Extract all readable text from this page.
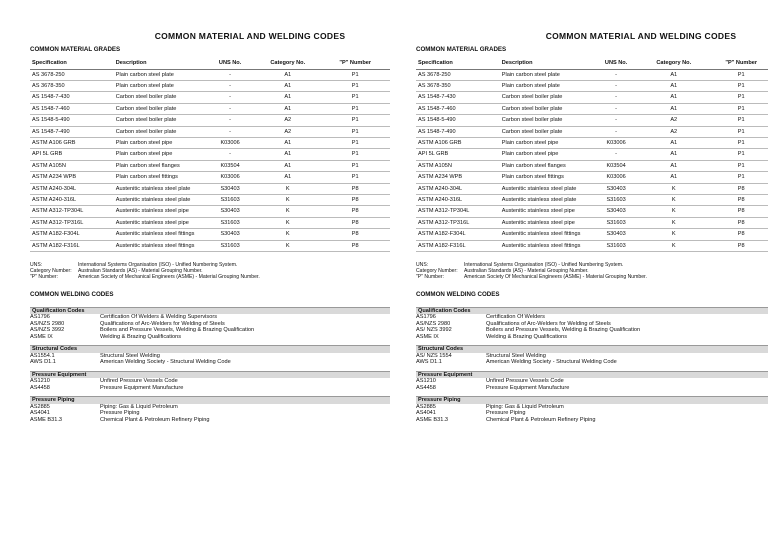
COMMON MATERIAL AND WELDING CODES
COMMON MATERIAL GRADES
Specification	Description	UNS No.	Category No.	"P" Number
AS 3678-250	Plain carbon steel plate	-	A1	P1
AS 3678-350	Plain carbon steel plate	-	A1	P1
AS 1548-7-430	Carbon steel boiler plate	-	A1	P1
AS 1548-7-460	Carbon steel boiler plate	-	A1	P1
AS 1548-5-490	Carbon steel boiler plate	-	A2	P1
AS 1548-7-490	Carbon steel boiler plate	-	A2	P1
ASTM A106 GRB	Plain carbon steel pipe	K03006	A1	P1
API 5L GRB	Plain carbon steel pipe	-	A1	P1
ASTM A105N	Plain carbon steel flanges	K03504	A1	P1
ASTM A234 WPB	Plain carbon steel fittings	K03006	A1	P1
ASTM A240-304L	Austenitic stainless steel plate	S30403	K	P8
ASTM A240-316L	Austenitic stainless steel plate	S31603	K	P8
ASTM A312-TP304L	Austenitic stainless steel pipe	S30403	K	P8
ASTM A312-TP316L	Austenitic stainless steel pipe	S31603	K	P8
ASTM A182-F304L	Austenitic stainless steel fittings	S30403	K	P8
ASTM A182-F316L	Austenitic stainless steel fittings	S31603	K	P8
UNS:	International Systems Organisation (ISO) - Unified Numbering System.
Category Number:	Australian Standards (AS) - Material Grouping Number.
"P" Number:	American Society of Mechanical Engineers (ASME) - Material Grouping Number.
COMMON WELDING CODES
Qualification Codes
AS1796	Certification Of Welders & Welding Supervisors
AS/NZS 2980	Qualifications of Arc-Welders for Welding of Steels
AS/NZS 3992	Boilers and Pressure Vessels, Welding & Brazing Qualification
ASME IX	Welding & Brazing Qualifications
Structural Codes
AS1554.1	Structural Steel Welding
AWS D1.1	American Welding Society - Structural Welding Code
Pressure Equipment
AS1210	Unfired Pressure Vessels Code
AS4458	Pressure Equipment Manufacture
Pressure Piping
AS2885	Piping: Gas & Liquid Petroleum
AS4041	Pressure Piping
ASME B31.3	Chemical Plant & Petroleum Refinery Piping
COMMON MATERIAL AND WELDING CODES
COMMON MATERIAL GRADES
Specification	Description	UNS No.	Category No.	"P" Number
AS 3678-250	Plain carbon steel plate	-	A1	P1
AS 3678-350	Plain carbon steel plate	-	A1	P1
AS 1548-7-430	Carbon steel boiler plate	-	A1	P1
AS 1548-7-460	Carbon steel boiler plate	-	A1	P1
AS 1548-5-490	Carbon steel boiler plate	-	A2	P1
AS 1548-7-490	Carbon steel boiler plate	-	A2	P1
ASTM A106 GRB	Plain carbon steel pipe	K03006	A1	P1
API 5L GRB	Plain carbon steel pipe	-	A1	P1
ASTM A105N	Plain carbon steel flanges	K03504	A1	P1
ASTM A234 WPB	Plain carbon steel fittings	K03006	A1	P1
ASTM A240-304L	Austenitic stainless steel plate	S30403	K	P8
ASTM A240-316L	Austenitic stainless steel plate	S31603	K	P8
ASTM A312-TP304L	Austenitic stainless steel pipe	S30403	K	P8
ASTM A312-TP316L	Austenitic stainless steel pipe	S31603	K	P8
ASTM A182-F304L	Austenitic stainless steel fittings	S30403	K	P8
ASTM A182-F316L	Austenitic stainless steel fittings	S31603	K	P8
UNS:	International Systems Organisation (ISO) - Unified Numbering System.
Category Number:	Australian Standards (AS) - Material Grouping Number.
"P" Number:	American Society Of Mechanical Engineers (ASME) - Material Grouping Number.
COMMON WELDING CODES
Qualification Codes
AS1796	Certification Of Welders
AS/NZS 2980	Qualifications of Arc-Welders for Welding of Steels
AS/ NZS 3992	Boilers and Pressure Vessels, Welding & Brazing Qualification
ASME IX	Welding & Brazing Qualifications
Structural Codes
AS/ NZS 1554	Structural Steel Welding
AWS D1.1	American Welding Society - Structural Welding Code
Pressure Equipment
AS1210	Unfired Pressure Vessels Code
AS4458	Pressure Equipment Manufacture
Pressure Piping
AS2885	Piping: Gas & Liquid Petroleum
AS4041	Pressure Piping
ASME B31.3	Chemical Plant & Petroleum Refinery Piping
